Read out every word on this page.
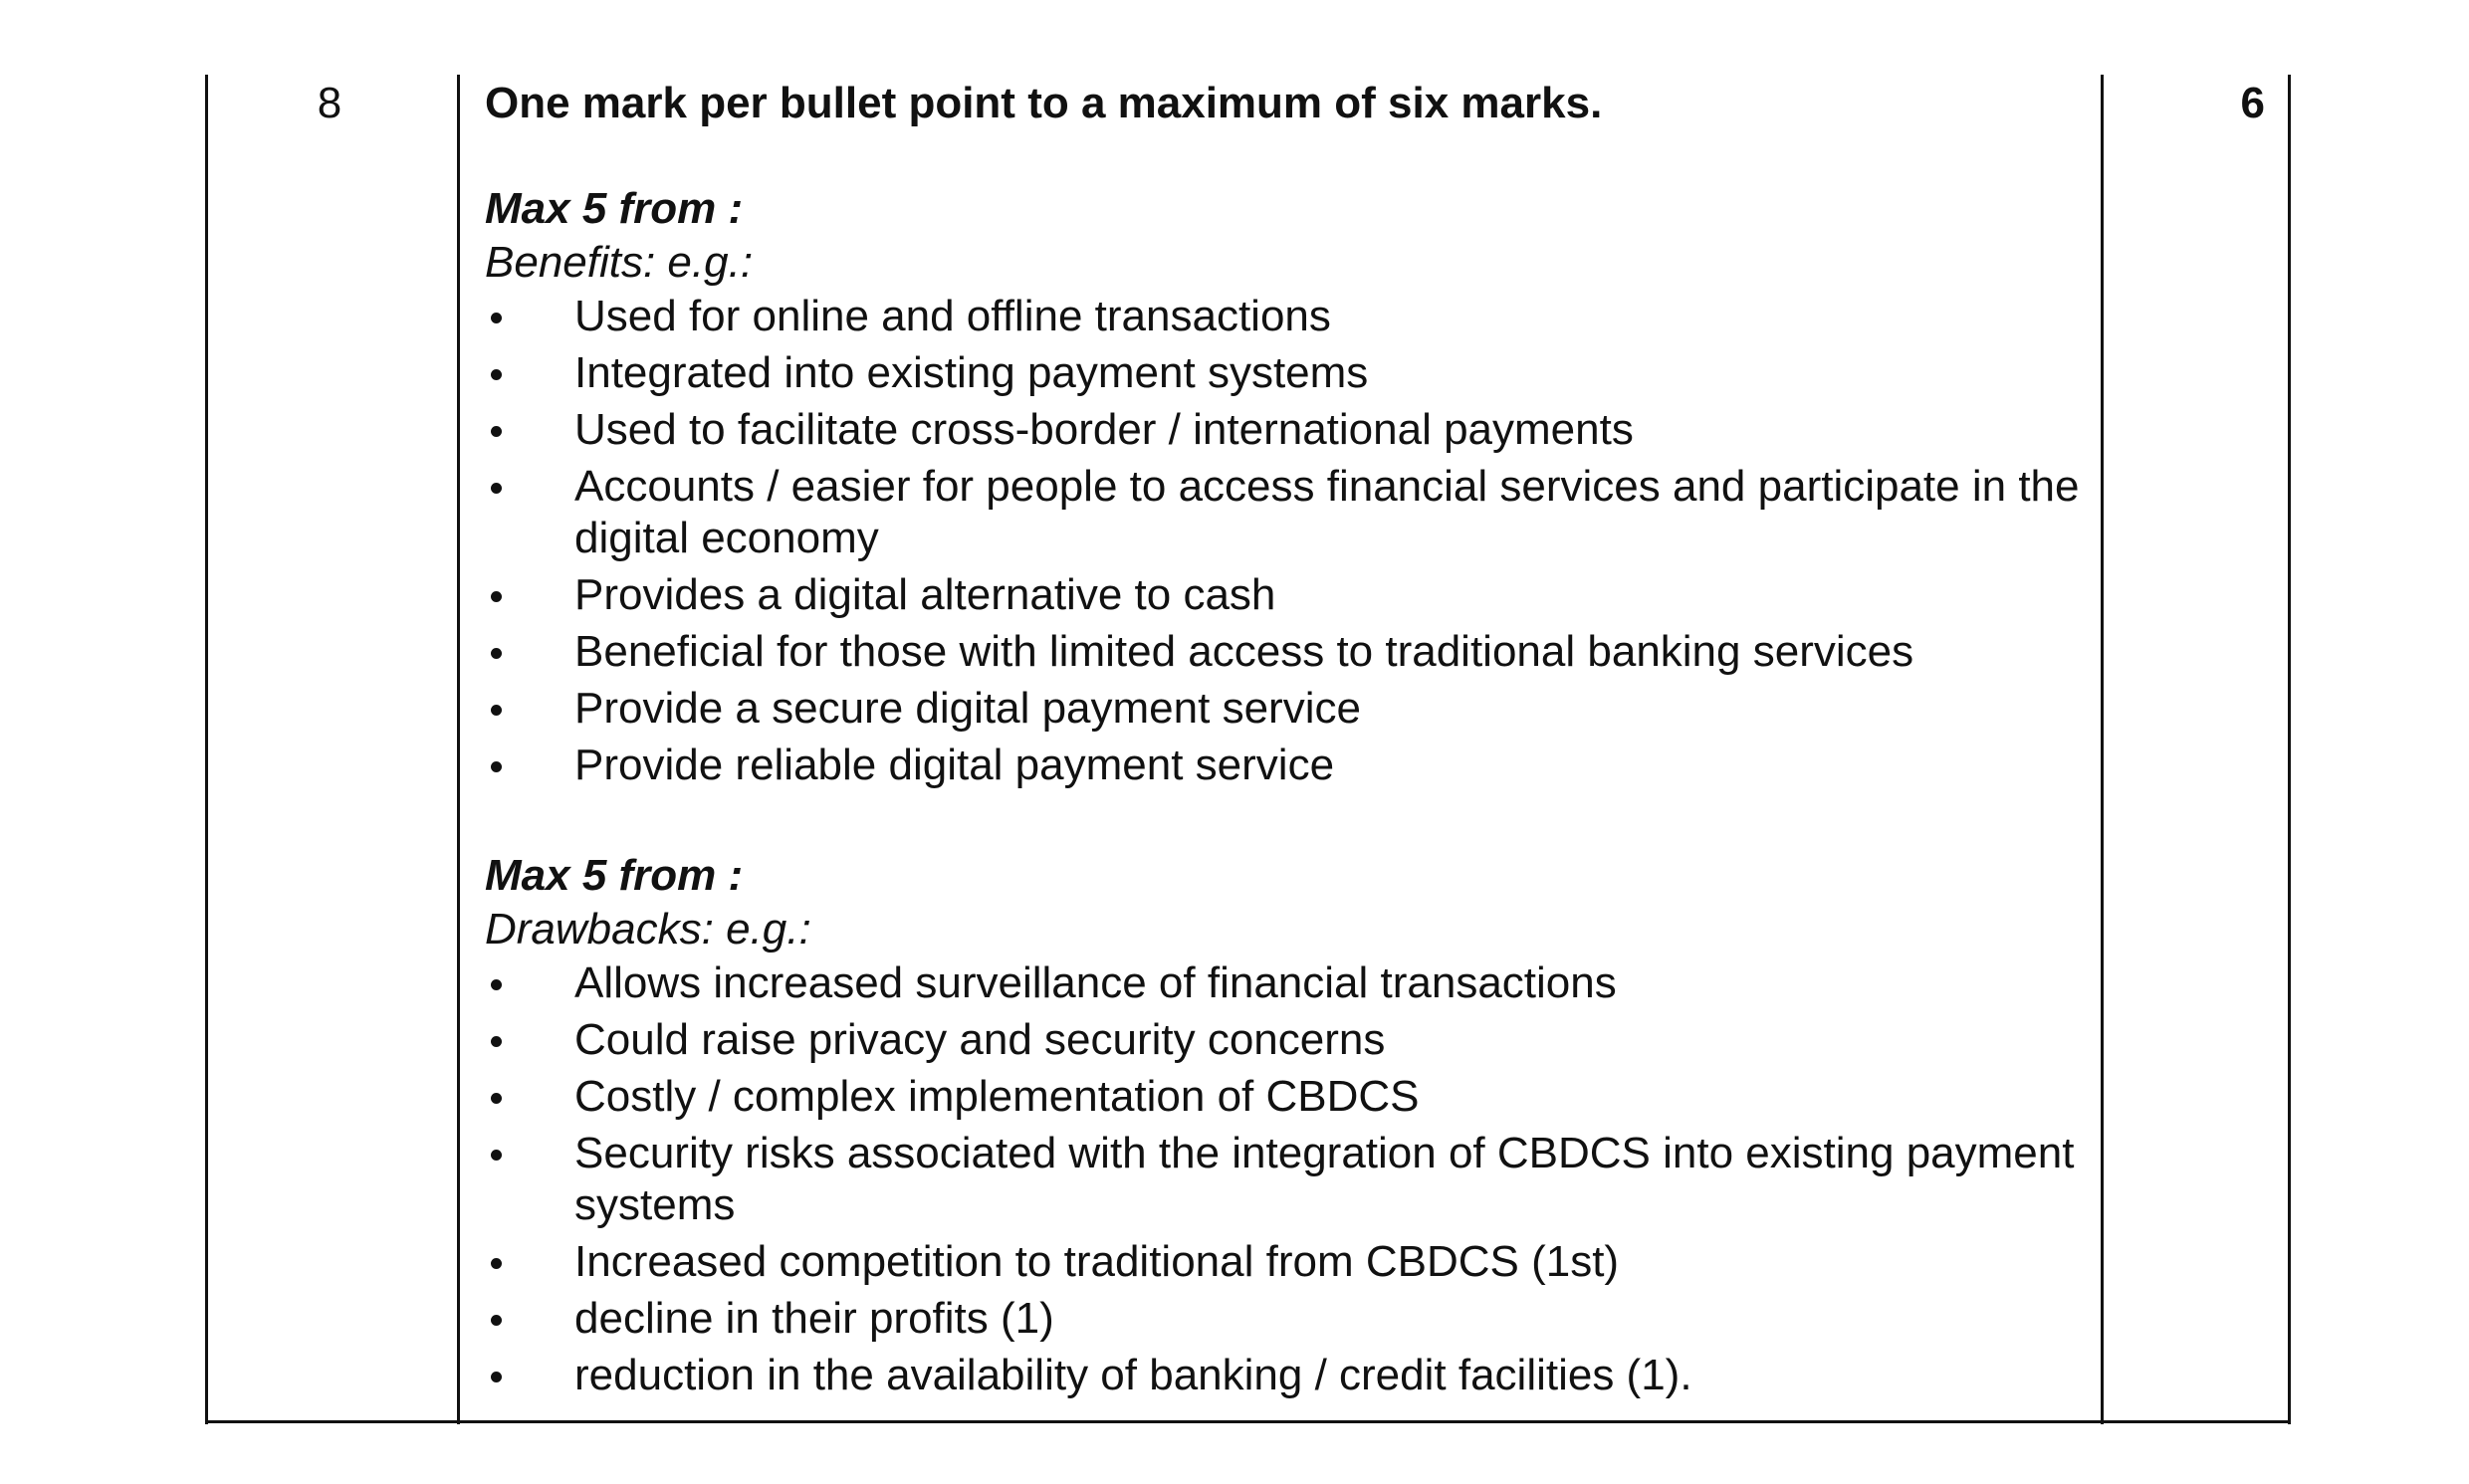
8	One mark per bullet point to a maximum of six marks.

Max 5 from :

Benefits: e.g.:

Used for online and offline transactions
Integrated into existing payment systems
Used to facilitate cross-border / international payments
Accounts / easier for people to access financial services and participate in the digital economy
Provides a digital alternative to cash
Beneficial for those with limited access to traditional banking services
Provide a secure digital payment service
Provide reliable digital payment service

Max 5 from :

Drawbacks: e.g.:

Allows increased surveillance of financial transactions
Could raise privacy and security concerns
Costly / complex implementation of CBDCS
Security risks associated with the integration of CBDCS into existing payment systems
Increased competition to traditional from CBDCS (1st)
decline in their profits (1)
reduction in the availability of banking / credit facilities (1).
6
